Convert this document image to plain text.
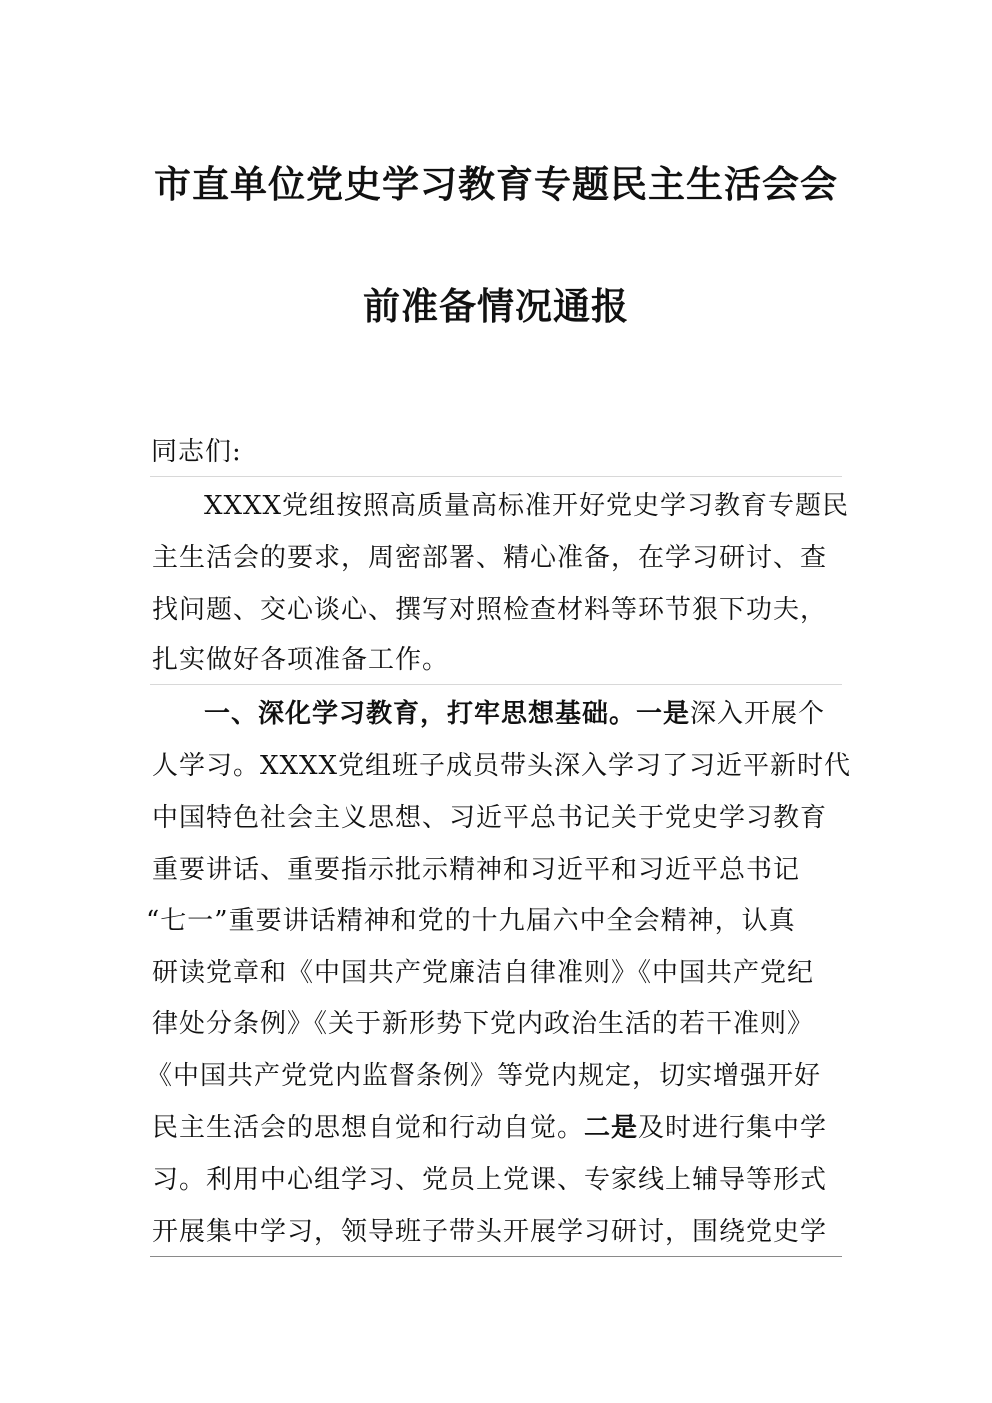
市直单位党史学习教育专题民主生活会会
前准备情况通报
同志们:
XXXX党组按照高质量高标准开好党史学习教育专题民
主生活会的要求，周密部署、精心准备，在学习研讨、查
找问题、交心谈心、撰写对照检查材料等环节狠下功夫，
扎实做好各项准备工作。
一、深化学习教育，打牢思想基础。一是深入开展个
人学习。XXXX党组班子成员带头深入学习了习近平新时代
中国特色社会主义思想、习近平总书记关于党史学习教育
重要讲话、重要指示批示精神和习近平和习近平总书记
“七一”重要讲话精神和党的十九届六中全会精神，认真
研读党章和《中国共产党廉洁自律准则》《中国共产党纪
律处分条例》《关于新形势下党内政治生活的若干准则》
《中国共产党党内监督条例》等党内规定，切实增强开好
民主生活会的思想自觉和行动自觉。二是及时进行集中学
习。利用中心组学习、党员上党课、专家线上辅导等形式
开展集中学习，领导班子带头开展学习研讨，围绕党史学
